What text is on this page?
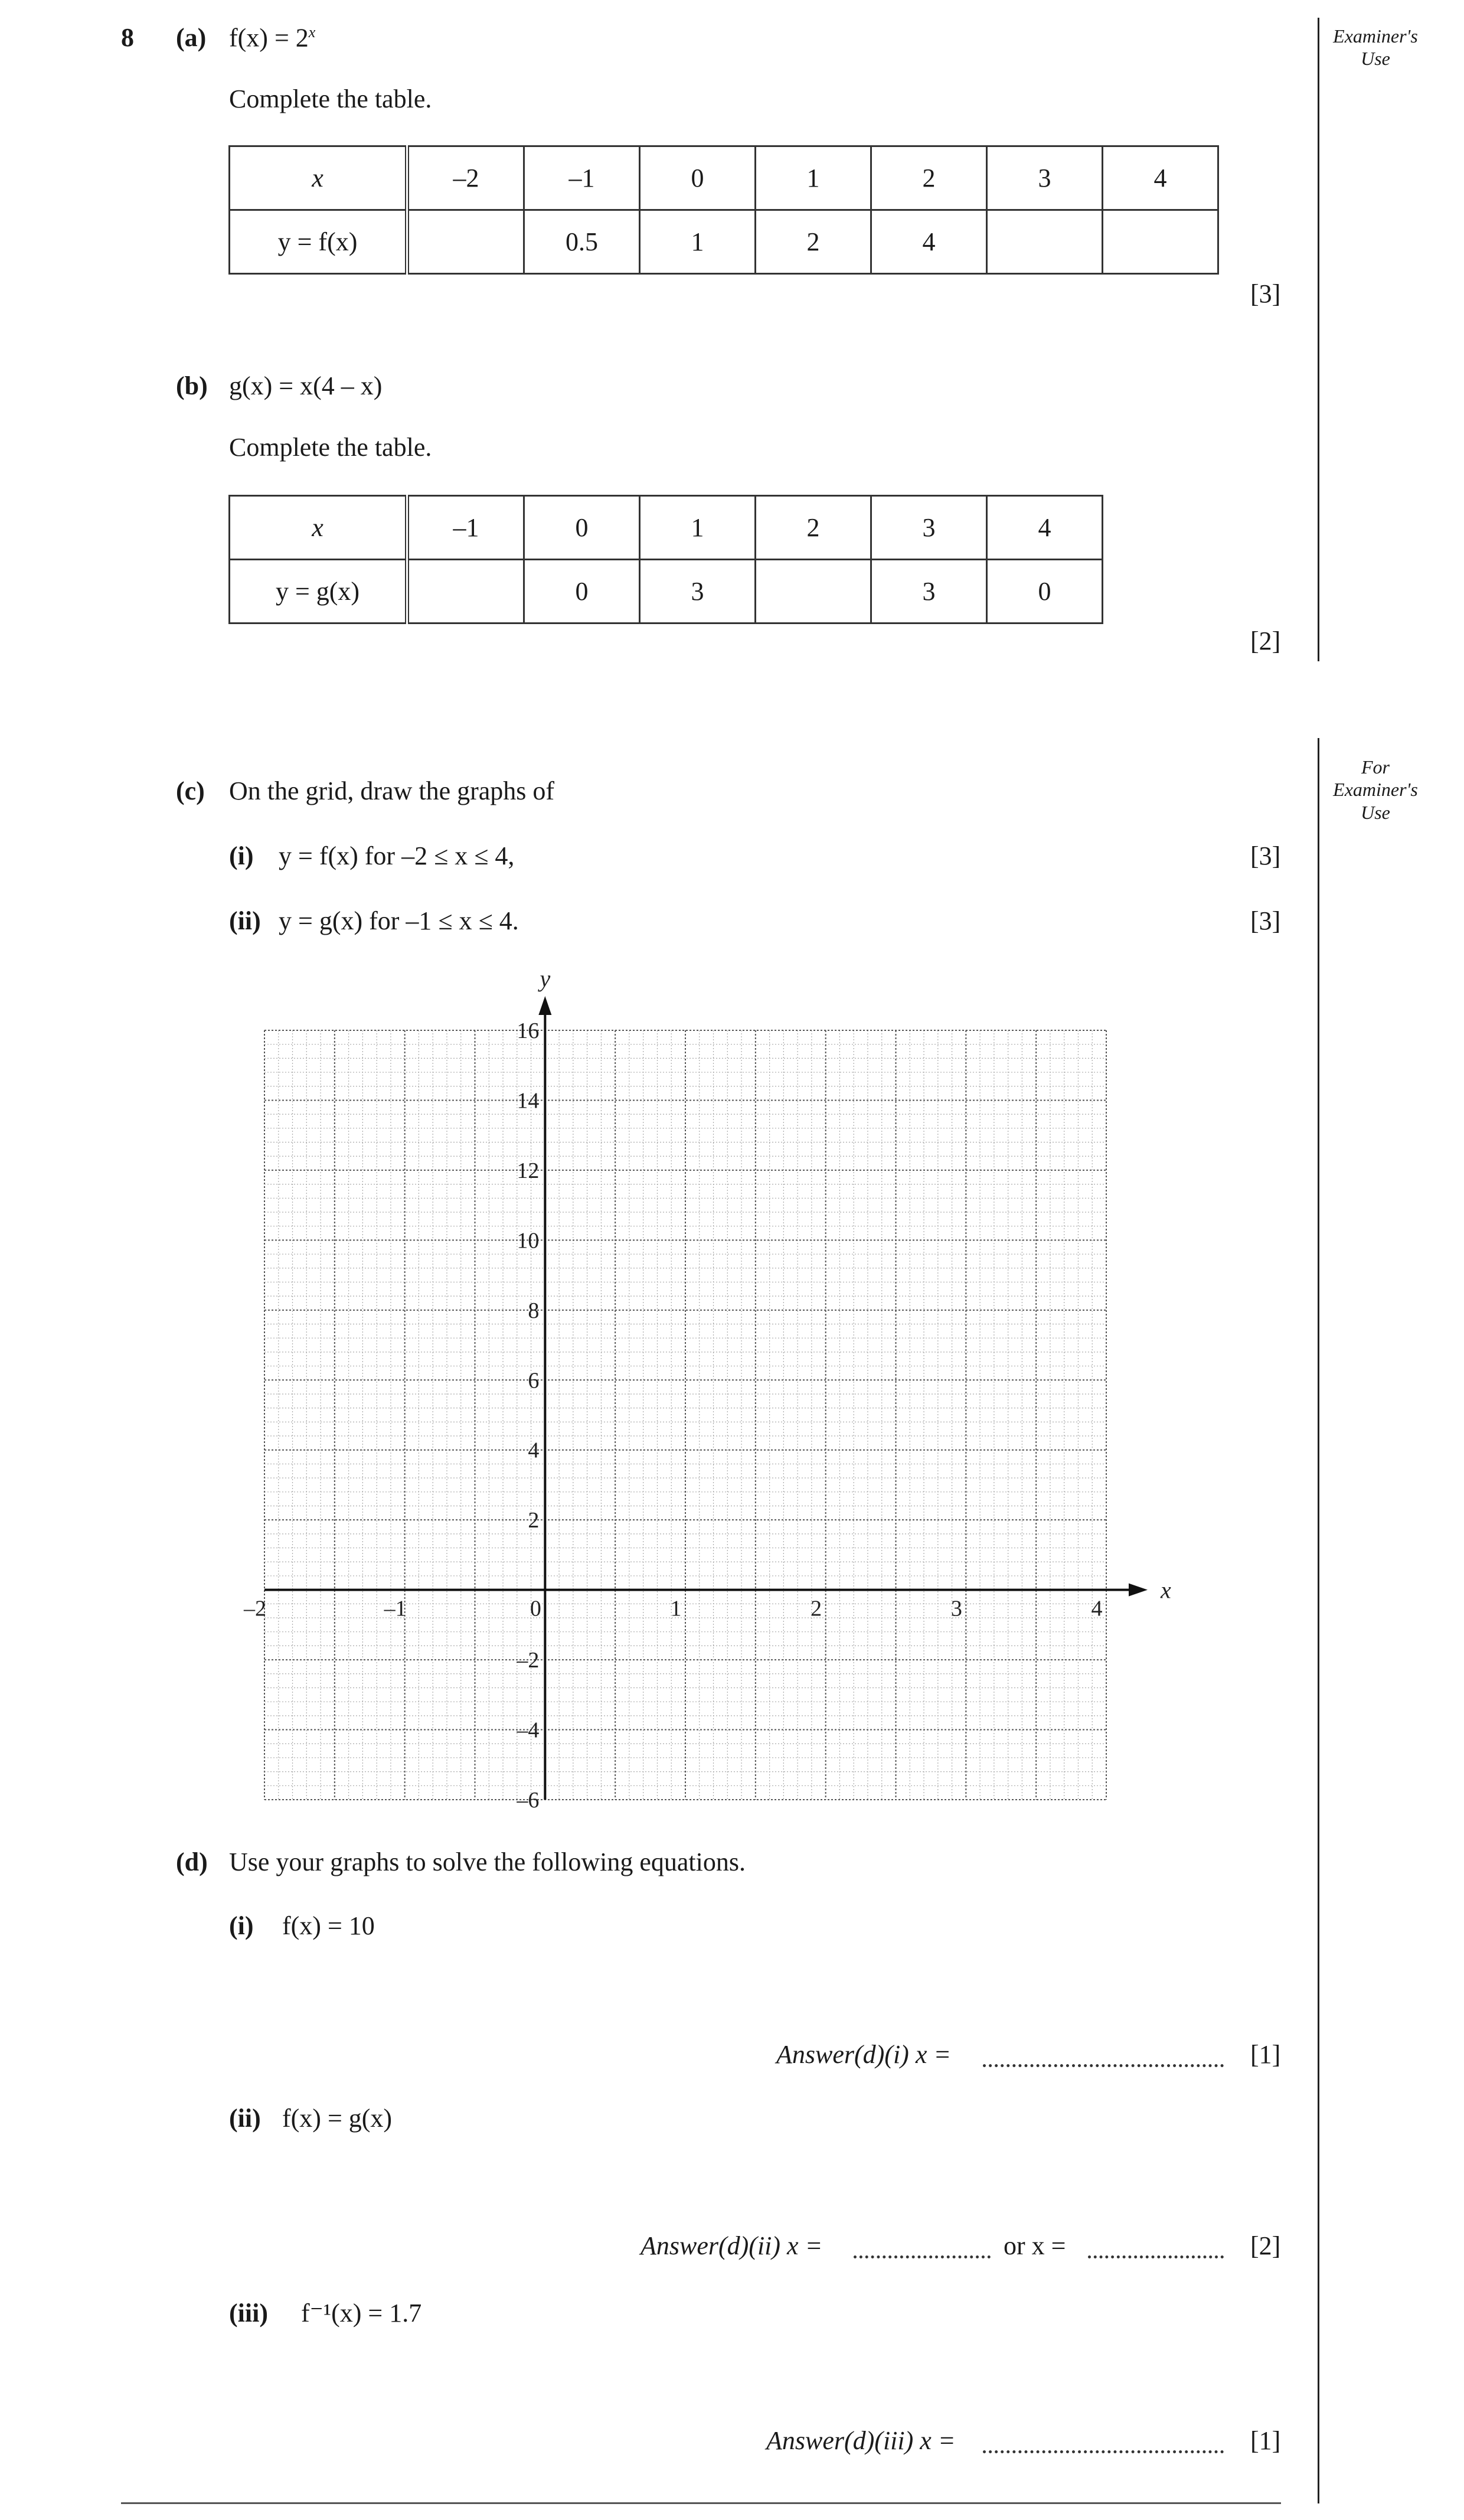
Examiner's
Use
For
Examiner's
Use
8 (a) $f(x) = 2^x$
Complete the table.
x	–2	–1	0	1	2	3	4
y = f(x)		0.5	1	2	4		
[3]
(b) g(x) = x(4 – x)
Complete the table.
x	–1	0	1	2	3	4
y = g(x)		0	3		3	0
[2]
(c) On the grid, draw the graphs of
(i) y = f(x) for –2 ≤ x ≤ 4,	[3]
(ii) y = g(x) for –1 ≤ x ≤ 4.	[3]
–2	–1	0	1	2	3	4
–6
–4
–2
2
4
6
8
10
12
14
16
x
y
(d) Use your graphs to solve the following equations.
(i) f(x) = 10
Answer(d)(i) x =	[1]
(ii) f(x) = g(x)
Answer(d)(ii) x =	or x =	[2]
(iii) f⁻¹(x) = 1.7
Answer(d)(iii) x =	[1]
